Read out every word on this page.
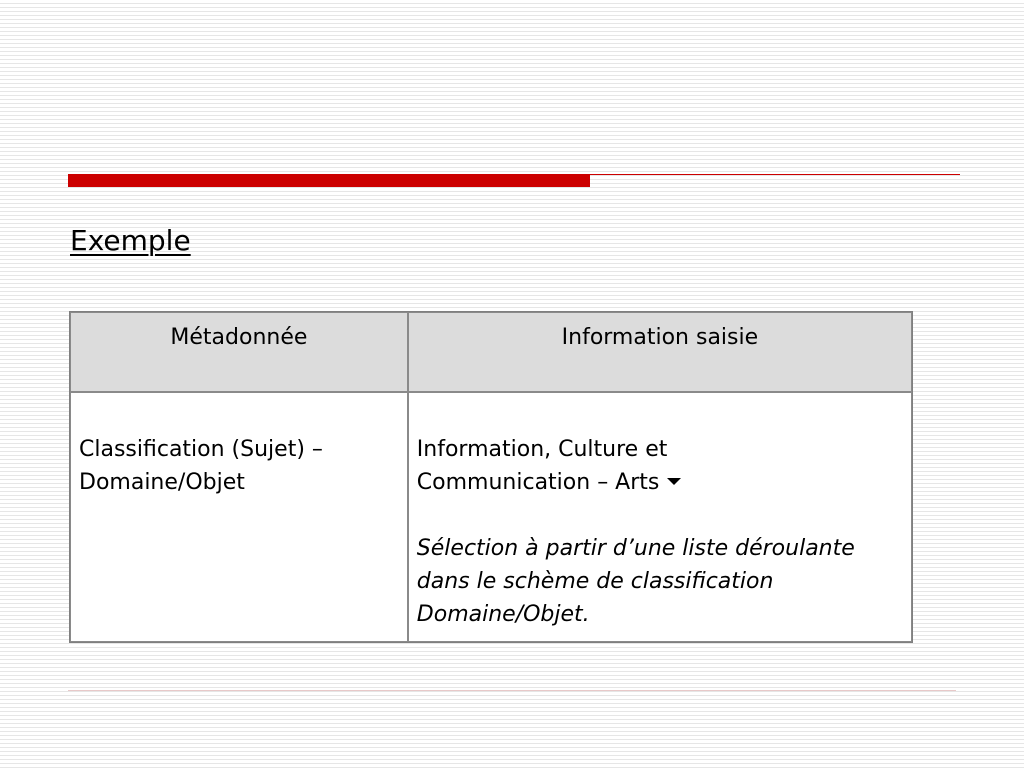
Exemple
Métadonnée	Information saisie
Classification (Sujet) – Domaine/Objet	Information, Culture et
Communication – Arts
Sélection à partir d’une liste déroulante dans le schème de classification Domaine/Objet.
